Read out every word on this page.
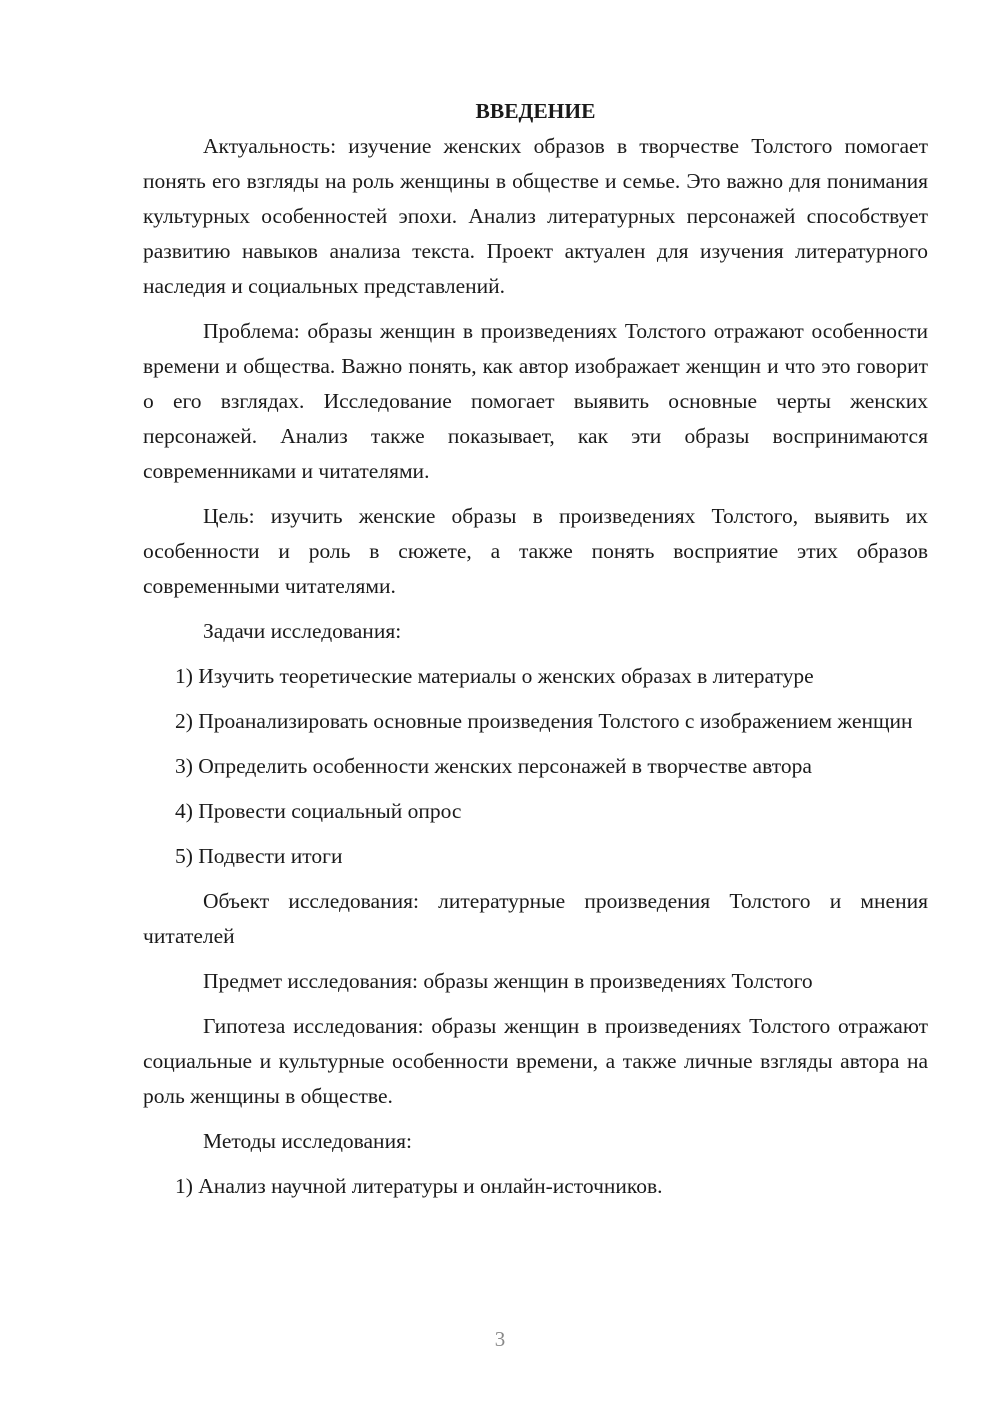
ВВЕДЕНИЕ

Актуальность: изучение женских образов в творчестве Толстого помогает понять его взгляды на роль женщины в обществе и семье. Это важно для понимания культурных особенностей эпохи. Анализ литературных персонажей способствует развитию навыков анализа текста. Проект актуален для изучения литературного наследия и социальных представлений.

Проблема: образы женщин в произведениях Толстого отражают особенности времени и общества. Важно понять, как автор изображает женщин и что это говорит о его взглядах. Исследование помогает выявить основные черты женских персонажей. Анализ также показывает, как эти образы воспринимаются современниками и читателями.

Цель: изучить женские образы в произведениях Толстого, выявить их особенности и роль в сюжете, а также понять восприятие этих образов современными читателями.

Задачи исследования:

1) Изучить теоретические материалы о женских образах в литературе

2) Проанализировать основные произведения Толстого с изображением женщин

3) Определить особенности женских персонажей в творчестве автора

4) Провести социальный опрос

5) Подвести итоги

Объект исследования: литературные произведения Толстого и мнения читателей

Предмет исследования: образы женщин в произведениях Толстого

Гипотеза исследования: образы женщин в произведениях Толстого отражают социальные и культурные особенности времени, а также личные взгляды автора на роль женщины в обществе.

Методы исследования:

1) Анализ научной литературы и онлайн-источников.

3
